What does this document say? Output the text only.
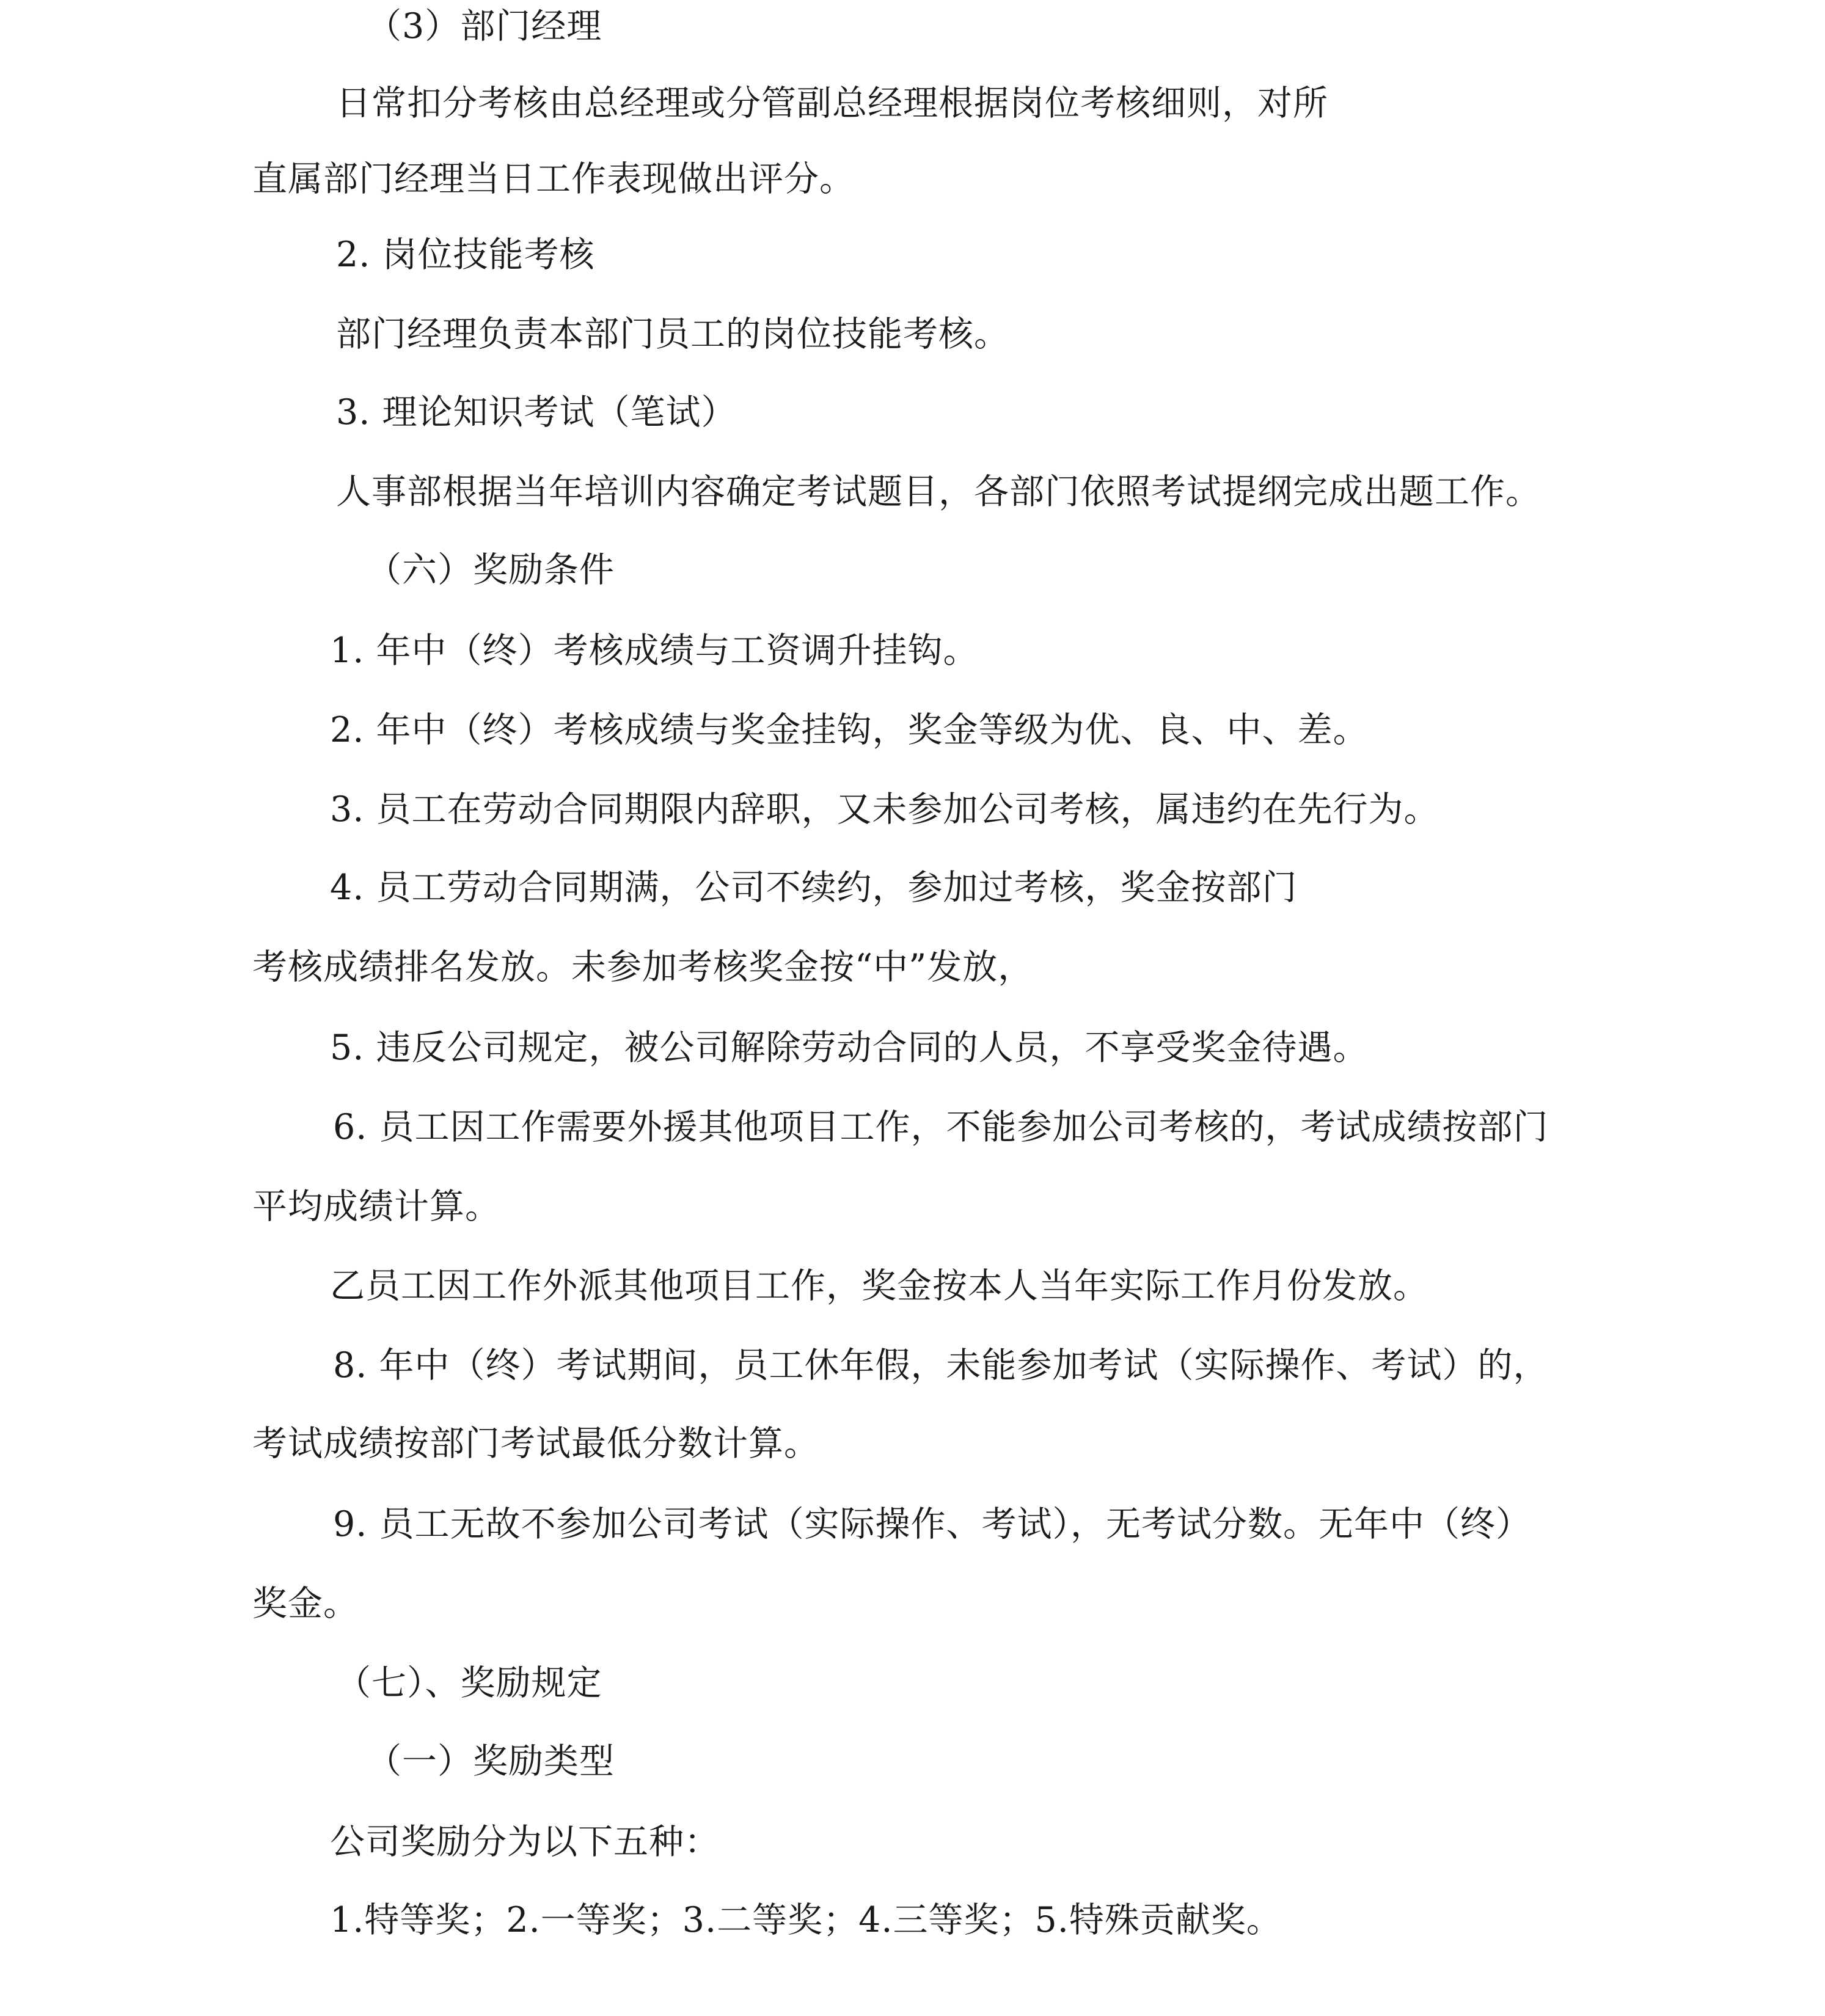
（3）部门经理
日常扣分考核由总经理或分管副总经理根据岗位考核细则，对所
直属部门经理当日工作表现做出评分。
2. 岗位技能考核
部门经理负责本部门员工的岗位技能考核。
3. 理论知识考试（笔试）
人事部根据当年培训内容确定考试题目，各部门依照考试提纲完成出题工作。
（六）奖励条件
1. 年中（终）考核成绩与工资调升挂钩。
2. 年中（终）考核成绩与奖金挂钩，奖金等级为优、良、中、差。
3. 员工在劳动合同期限内辞职，又未参加公司考核，属违约在先行为。
4. 员工劳动合同期满，公司不续约，参加过考核，奖金按部门
考核成绩排名发放。未参加考核奖金按“中”发放，
5. 违反公司规定，被公司解除劳动合同的人员，不享受奖金待遇。
6. 员工因工作需要外援其他项目工作，不能参加公司考核的，考试成绩按部门
平均成绩计算。
乙员工因工作外派其他项目工作，奖金按本人当年实际工作月份发放。
8. 年中（终）考试期间，员工休年假，未能参加考试（实际操作、考试）的，
考试成绩按部门考试最低分数计算。
9. 员工无故不参加公司考试（实际操作、考试），无考试分数。无年中（终）
奖金。
（七）、奖励规定
（一）奖励类型
公司奖励分为以下五种：
1.特等奖；2.一等奖；3.二等奖；4.三等奖；5.特殊贡献奖。
